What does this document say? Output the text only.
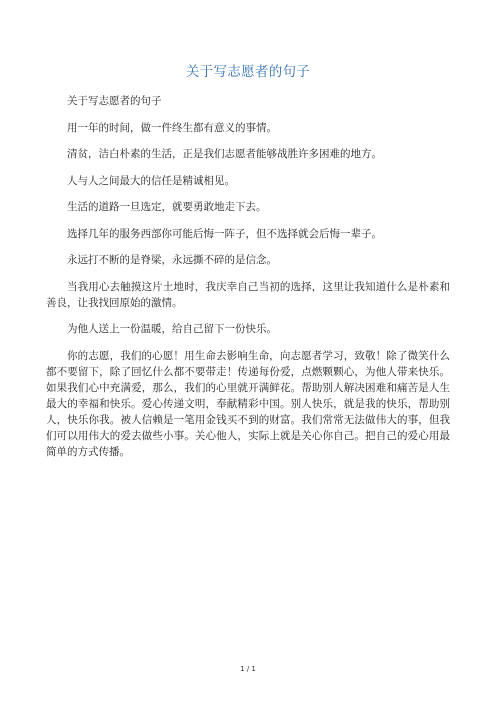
关于写志愿者的句子

关于写志愿者的句子

用一年的时间，做一件终生都有意义的事情。

清贫，洁白朴素的生活，正是我们志愿者能够战胜许多困难的地方。

人与人之间最大的信任是精诚相见。

生活的道路一旦选定，就要勇敢地走下去。

选择几年的服务西部你可能后悔一阵子，但不选择就会后悔一辈子。

永远打不断的是脊梁，永远撕不碎的是信念。

当我用心去触摸这片土地时，我庆幸自己当初的选择，这里让我知道什么是朴素和善良，让我找回原始的激情。

为他人送上一份温暖，给自己留下一份快乐。

你的志愿，我们的心愿！用生命去影响生命，向志愿者学习，致敬！除了微笑什么都不要留下，除了回忆什么都不要带走！传递每份爱，点燃颗颗心，为他人带来快乐。如果我们心中充满爱，那么，我们的心里就开满鲜花。帮助别人解决困难和痛苦是人生最大的幸福和快乐。爱心传递文明，奉献精彩中国。别人快乐，就是我的快乐，帮助别人，快乐你我。被人信赖是一笔用金钱买不到的财富。我们常常无法做伟大的事，但我们可以用伟大的爱去做些小事。关心他人，实际上就是关心你自己。把自己的爱心用最简单的方式传播。

1 / 1
